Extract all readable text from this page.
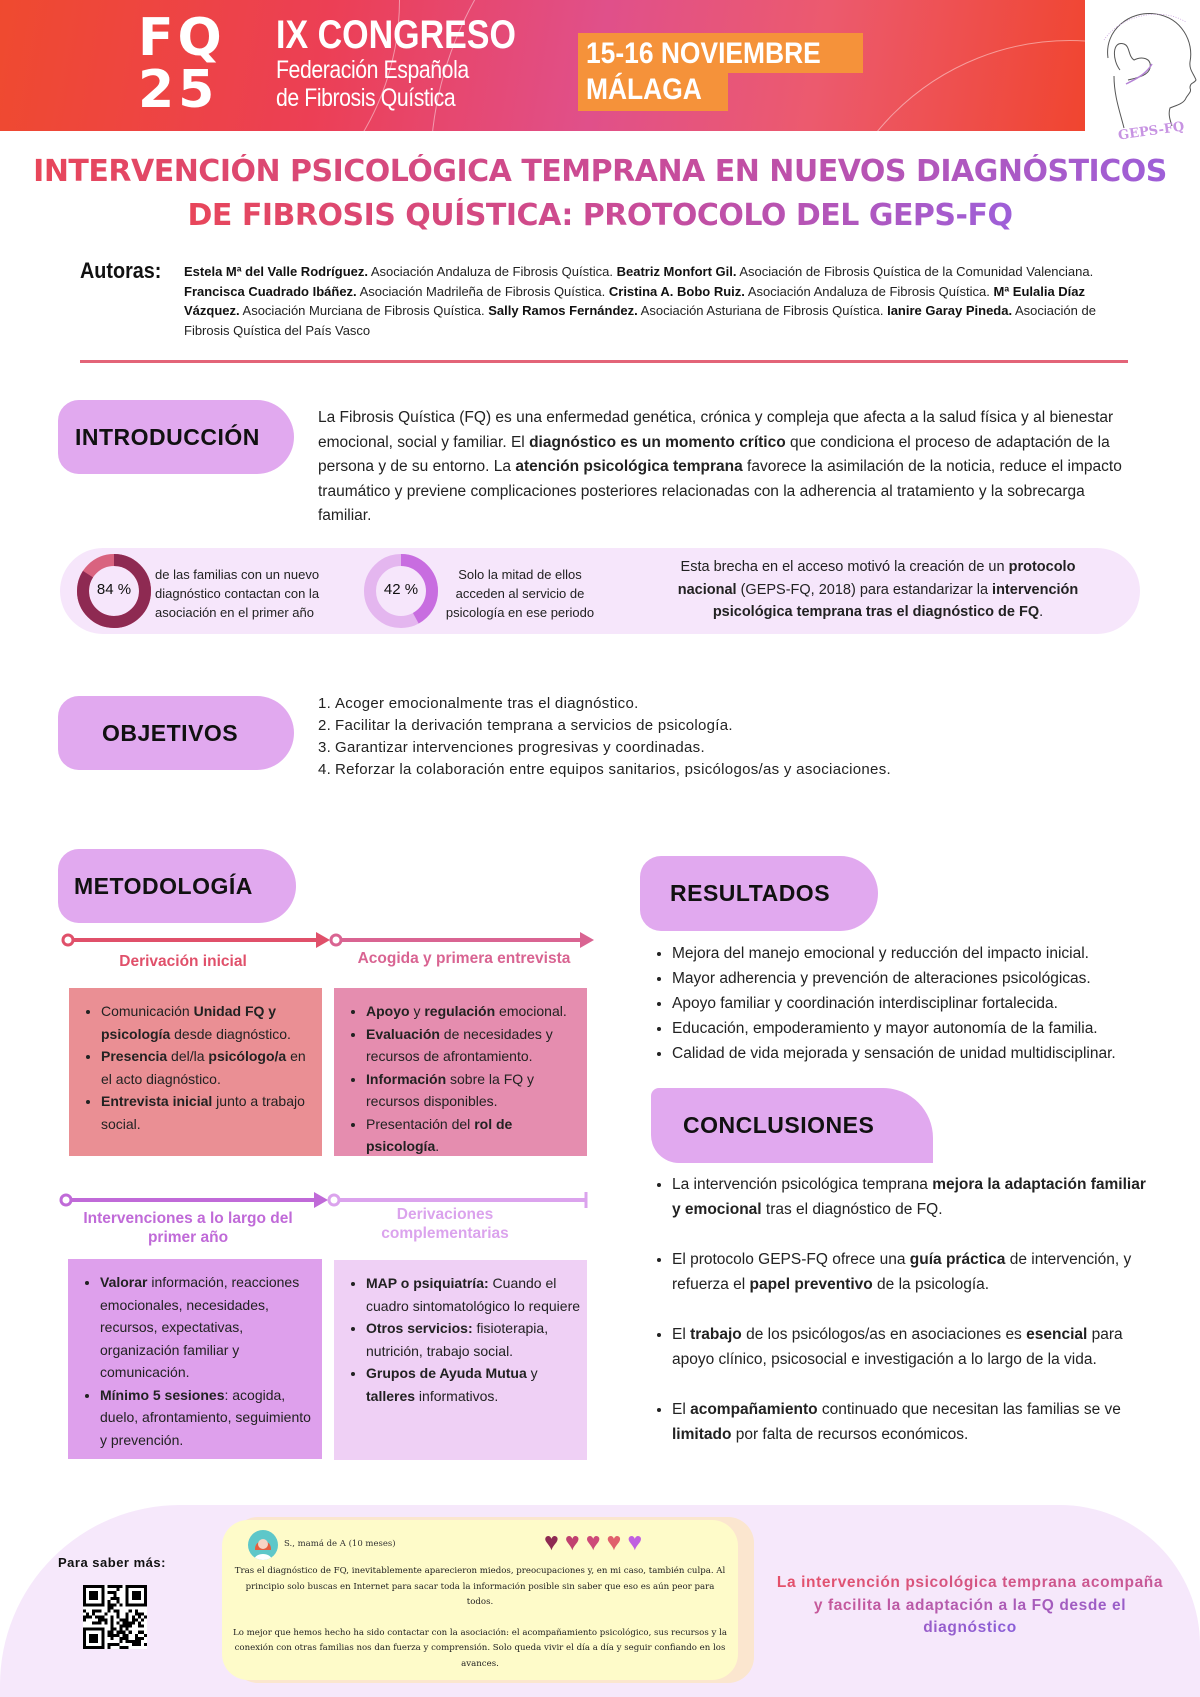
FQ
25
IX CONGRESO
Federación Española
de Fibrosis Quística
15-16 NOVIEMBRE
MÁLAGA
GEPS-FQ
INTERVENCIÓN PSICOLÓGICA TEMPRANA EN NUEVOS DIAGNÓSTICOS
DE FIBROSIS QUÍSTICA: PROTOCOLO DEL GEPS-FQ
Autoras: Estela Mª del Valle Rodríguez. Asociación Andaluza de Fibrosis Quística. Beatriz Monfort Gil. Asociación de Fibrosis Quística de la Comunidad Valenciana. Francisca Cuadrado Ibáñez. Asociación Madrileña de Fibrosis Quística. Cristina A. Bobo Ruiz. Asociación Andaluza de Fibrosis Quística. Mª Eulalia Díaz Vázquez. Asociación Murciana de Fibrosis Quística. Sally Ramos Fernández. Asociación Asturiana de Fibrosis Quística. Ianire Garay Pineda. Asociación de Fibrosis Quística del País Vasco
INTRODUCCIÓN
La Fibrosis Quística (FQ) es una enfermedad genética, crónica y compleja que afecta a la salud física y al bienestar emocional, social y familiar. El diagnóstico es un momento crítico que condiciona el proceso de adaptación de la persona y de su entorno. La atención psicológica temprana favorece la asimilación de la noticia, reduce el impacto traumático y previene complicaciones posteriores relacionadas con la adherencia al tratamiento y la sobrecarga familiar.
84 %
de las familias con un nuevo diagnóstico contactan con la asociación en el primer año
42 %
Solo la mitad de ellos acceden al servicio de psicología en ese periodo
Esta brecha en el acceso motivó la creación de un protocolo nacional (GEPS-FQ, 2018) para estandarizar la intervención psicológica temprana tras el diagnóstico de FQ.
OBJETIVOS
1. Acoger emocionalmente tras el diagnóstico.
2. Facilitar la derivación temprana a servicios de psicología.
3. Garantizar intervenciones progresivas y coordinadas.
4. Reforzar la colaboración entre equipos sanitarios, psicólogos/as y asociaciones.
METODOLOGÍA
Derivación inicial	Acogida y primera entrevista
• Comunicación Unidad FQ y psicología desde diagnóstico.
• Presencia del/la psicólogo/a en el acto diagnóstico.
• Entrevista inicial junto a trabajo social.
• Apoyo y regulación emocional.
• Evaluación de necesidades y recursos de afrontamiento.
• Información sobre la FQ y recursos disponibles.
• Presentación del rol de psicología.
Intervenciones a lo largo del primer año
Derivaciones complementarias
• Valorar información, reacciones emocionales, necesidades, recursos, expectativas, organización familiar y comunicación.
• Mínimo 5 sesiones: acogida, duelo, afrontamiento, seguimiento y prevención.
• MAP o psiquiatría: Cuando el cuadro sintomatológico lo requiere
• Otros servicios: fisioterapia, nutrición, trabajo social.
• Grupos de Ayuda Mutua y talleres informativos.
RESULTADOS
• Mejora del manejo emocional y reducción del impacto inicial.
• Mayor adherencia y prevención de alteraciones psicológicas.
• Apoyo familiar y coordinación interdisciplinar fortalecida.
• Educación, empoderamiento y mayor autonomía de la familia.
• Calidad de vida mejorada y sensación de unidad multidisciplinar.
CONCLUSIONES
• La intervención psicológica temprana mejora la adaptación familiar y emocional tras el diagnóstico de FQ.
• El protocolo GEPS-FQ ofrece una guía práctica de intervención, y refuerza el papel preventivo de la psicología.
• El trabajo de los psicólogos/as en asociaciones es esencial para apoyo clínico, psicosocial e investigación a lo largo de la vida.
• El acompañamiento continuado que necesitan las familias se ve limitado por falta de recursos económicos.
Para saber más:
S., mamá de A (10 meses)	♥ ♥ ♥ ♥ ♥
Tras el diagnóstico de FQ, inevitablemente aparecieron miedos, preocupaciones y, en mi caso, también culpa. Al principio solo buscas en Internet para sacar toda la información posible sin saber que eso es aún peor para todos.
Lo mejor que hemos hecho ha sido contactar con la asociación: el acompañamiento psicológico, sus recursos y la conexión con otras familias nos dan fuerza y comprensión. Solo queda vivir el día a día y seguir confiando en los avances.
La intervención psicológica temprana acompaña y facilita la adaptación a la FQ desde el diagnóstico
